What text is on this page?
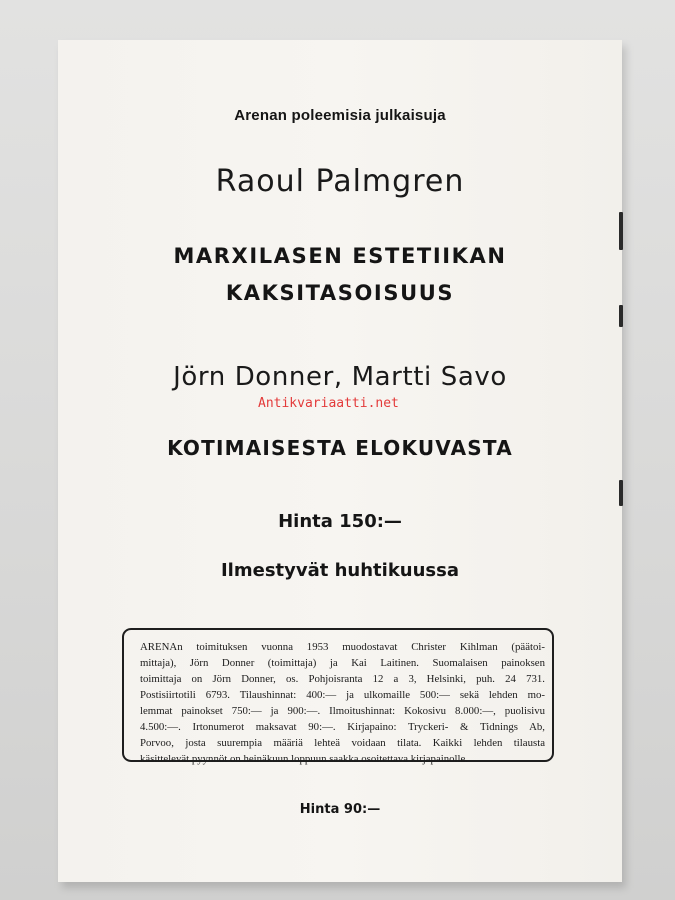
Arenan poleemisia julkaisuja
Raoul Palmgren
MARXILASEN ESTETIIKAN
KAKSITASOISUUS
Jörn Donner, Martti Savo
Antikvariaatti.net
KOTIMAISESTA ELOKUVASTA
Hinta 150:—
Ilmestyvät huhtikuussa
ARENAn toimituksen vuonna 1953 muodostavat Christer Kihlman (päätoi-
mittaja), Jörn Donner (toimittaja) ja Kai Laitinen. Suomalaisen painoksen
toimittaja on Jörn Donner, os. Pohjoisranta 12 a 3, Helsinki, puh. 24 731.
Postisiirtotili 6793. Tilaushinnat: 400:— ja ulkomaille 500:— sekä lehden mo-
lemmat painokset 750:— ja 900:—. Ilmoitushinnat: Kokosivu 8.000:—, puolisivu
4.500:—. Irtonumerot maksavat 90:—. Kirjapaino: Tryckeri- & Tidnings Ab,
Porvoo, josta suurempia määriä lehteä voidaan tilata. Kaikki lehden tilausta
käsittelevät pyynnöt on heinäkuun loppuun saakka osoitettava kirjapainolle.
Hinta 90:—
